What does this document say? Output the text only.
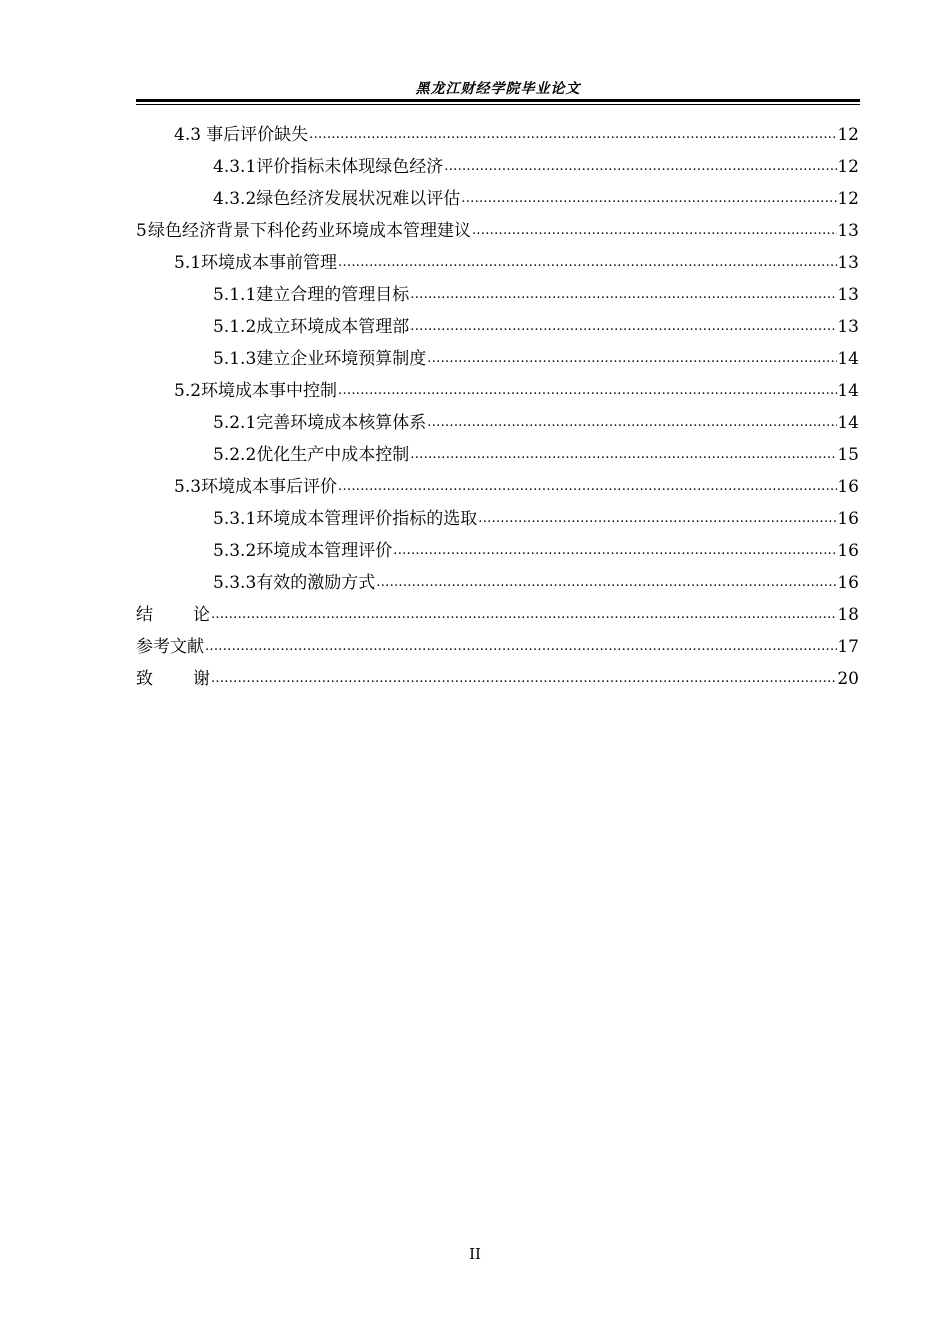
黑龙江财经学院毕业论文
4.3 事后评价缺失 .....	12
4.3.1 评价指标未体现绿色经济 .....	12
4.3.2 绿色经济发展状况难以评估 .....	12
5 绿色经济背景下科伦药业环境成本管理建议 .....	13
5.1 环境成本事前管理 .....	13
5.1.1 建立合理的管理目标 .....	13
5.1.2 成立环境成本管理部 .....	13
5.1.3 建立企业环境预算制度 .....	14
5.2 环境成本事中控制 .....	14
5.2.1 完善环境成本核算体系 .....	14
5.2.2 优化生产中成本控制 .....	15
5.3 环境成本事后评价 .....	16
5.3.1 环境成本管理评价指标的选取 .....	16
5.3.2 环境成本管理评价 .....	16
5.3.3 有效的激励方式 .....	16
结 论 .....	18
参考文献 .....	17
致 谢 .....	20
II
